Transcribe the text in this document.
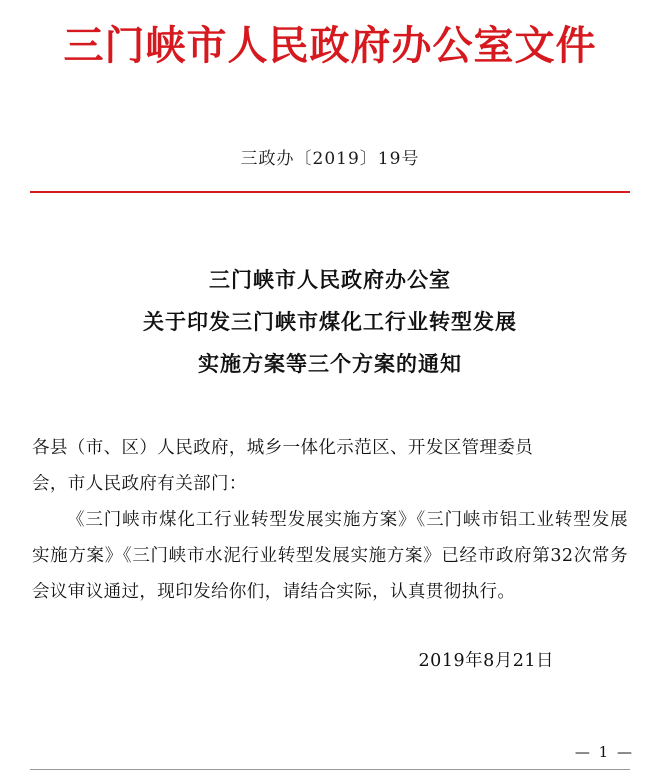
三门峡市人民政府办公室文件
三政办〔2019〕19号
三门峡市人民政府办公室
关于印发三门峡市煤化工行业转型发展
实施方案等三个方案的通知

各县（市、区）人民政府，城乡一体化示范区、开发区管理委员

会，市人民政府有关部门：

《三门峡市煤化工行业转型发展实施方案》《三门峡市铝工业转型发展实施方案》《三门峡市水泥行业转型发展实施方案》已经市政府第32次常务会议审议通过，现印发给你们，请结合实际，认真贯彻执行。

2019年8月21日
— 1 —
